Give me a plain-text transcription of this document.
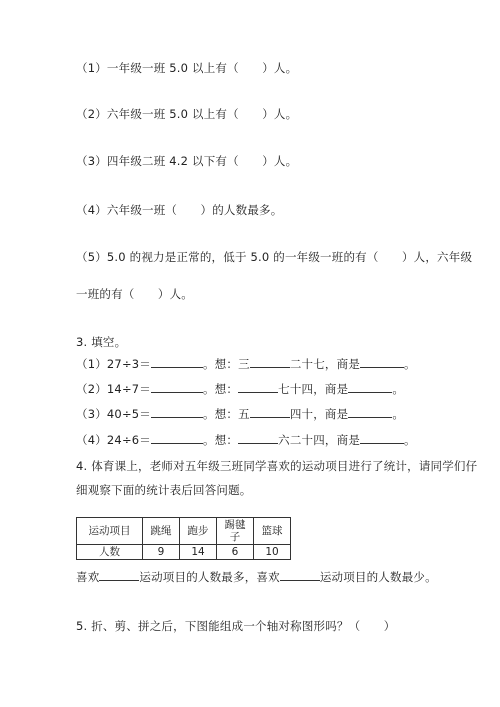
（1）一年级一班 5.0 以上有（　　）人。
（2）六年级一班 5.0 以上有（　　）人。
（3）四年级二班 4.2 以下有（　　）人。
（4）六年级一班（　　）的人数最多。
（5）5.0 的视力是正常的，低于 5.0 的一年级一班的有（　　）人，六年级
一班的有（　　）人。
3. 填空。
（1）27÷3＝	。想：三	二十七，商是	。
（2）14÷7＝	。想：	七十四，商是	。
（3）40÷5＝	。想：五	四十，商是	。
（4）24÷6＝	。想：	六二十四，商是	。
4. 体育课上，老师对五年级三班同学喜欢的运动项目进行了统计，请同学们仔
细观察下面的统计表后回答问题。
运动项目	跳绳	跑步	踢毽子	篮球
人数	9	14	6	10
喜欢	运动项目的人数最多，喜欢	运动项目的人数最少。
5. 折、剪、拼之后，下图能组成一个轴对称图形吗？（　　）
